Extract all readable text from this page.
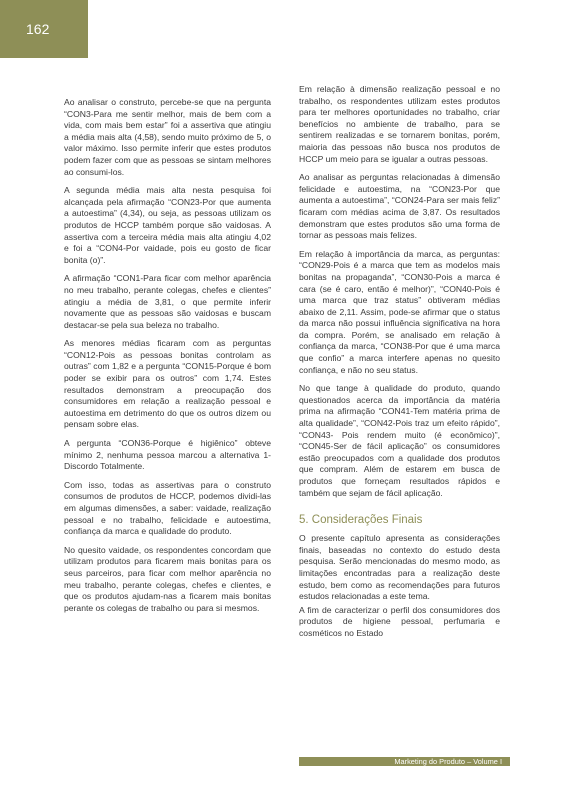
162

Ao analisar o construto, percebe-se que na pergunta “CON3-Para me sentir melhor, mais de bem com a vida, com mais bem estar” foi a assertiva que atingiu a média mais alta (4,58), sendo muito próximo de 5, o valor máximo. Isso permite inferir que estes produtos podem fazer com que as pessoas se sintam melhores ao consumi-los.

A segunda média mais alta nesta pesquisa foi alcançada pela afirmação “CON23-Por que aumenta a autoestima” (4,34), ou seja, as pessoas utilizam os produtos de HCCP também porque são vaidosas. A assertiva com a terceira média mais alta atingiu 4,02 e foi a “CON4-Por vaidade, pois eu gosto de ficar bonita (o)”.

A afirmação “CON1-Para ficar com melhor aparência no meu trabalho, perante colegas, chefes e clientes” atingiu a média de 3,81, o que permite inferir novamente que as pessoas são vaidosas e buscam destacar-se pela sua beleza no trabalho.

As menores médias ficaram com as perguntas “CON12-Pois as pessoas bonitas controlam as outras” com 1,82 e a pergunta “CON15-Porque é bom poder se exibir para os outros” com 1,74. Estes resultados demonstram a preocupação dos consumidores em relação a realização pessoal e autoestima em detrimento do que os outros dizem ou pensam sobre elas.

A pergunta “CON36-Porque é higiênico” obteve mínimo 2, nenhuma pessoa marcou a alternativa 1- Discordo Totalmente.

Com isso, todas as assertivas para o construto consumos de produtos de HCCP, podemos dividi-las em algumas dimensões, a saber: vaidade, realização pessoal e no trabalho, felicidade e autoestima, confiança da marca e qualidade do produto.

No quesito vaidade, os respondentes concordam que utilizam produtos para ficarem mais bonitas para os seus parceiros, para ficar com melhor aparência no meu trabalho, perante colegas, chefes e clientes, e que os produtos ajudam-nas a ficarem mais bonitas perante os colegas de trabalho ou para si mesmos.

Em relação à dimensão realização pessoal e no trabalho, os respondentes utilizam estes produtos para ter melhores oportunidades no trabalho, criar benefícios no ambiente de trabalho, para se sentirem realizadas e se tornarem bonitas, porém, maioria das pessoas não busca nos produtos de HCCP um meio para se igualar a outras pessoas.

Ao analisar as perguntas relacionadas à dimensão felicidade e autoestima, na “CON23-Por que aumenta a autoestima”, “CON24-Para ser mais feliz” ficaram com médias acima de 3,87. Os resultados demonstram que estes produtos são uma forma de tornar as pessoas mais felizes.

Em relação à importância da marca, as perguntas: “CON29-Pois é a marca que tem as modelos mais bonitas na propaganda”, “CON30-Pois a marca é cara (se é caro, então é melhor)”, “CON40-Pois é uma marca que traz status” obtiveram médias abaixo de 2,11. Assim, pode-se afirmar que o status da marca não possui influência significativa na hora da compra. Porém, se analisado em relação à confiança da marca, “CON38-Por que é uma marca que confio” a marca interfere apenas no quesito confiança, e não no seu status.

No que tange à qualidade do produto, quando questionados acerca da importância da matéria prima na afirmação “CON41-Tem matéria prima de alta qualidade”, “CON42-Pois traz um efeito rápido”, “CON43- Pois rendem muito (é econômico)”, “CON45-Ser de fácil aplicação” os consumidores estão preocupados com a qualidade dos produtos que compram. Além de estarem em busca de produtos que forneçam resultados rápidos e também que sejam de fácil aplicação.

5. Considerações Finais

O presente capítulo apresenta as considerações finais, baseadas no contexto do estudo desta pesquisa. Serão mencionadas do mesmo modo, as limitações encontradas para a realização deste estudo, bem como as recomendações para futuros estudos relacionadas a este tema.

A fim de caracterizar o perfil dos consumidores dos produtos de higiene pessoal, perfumaria e cosméticos no Estado

Marketing do Produto – Volume I
